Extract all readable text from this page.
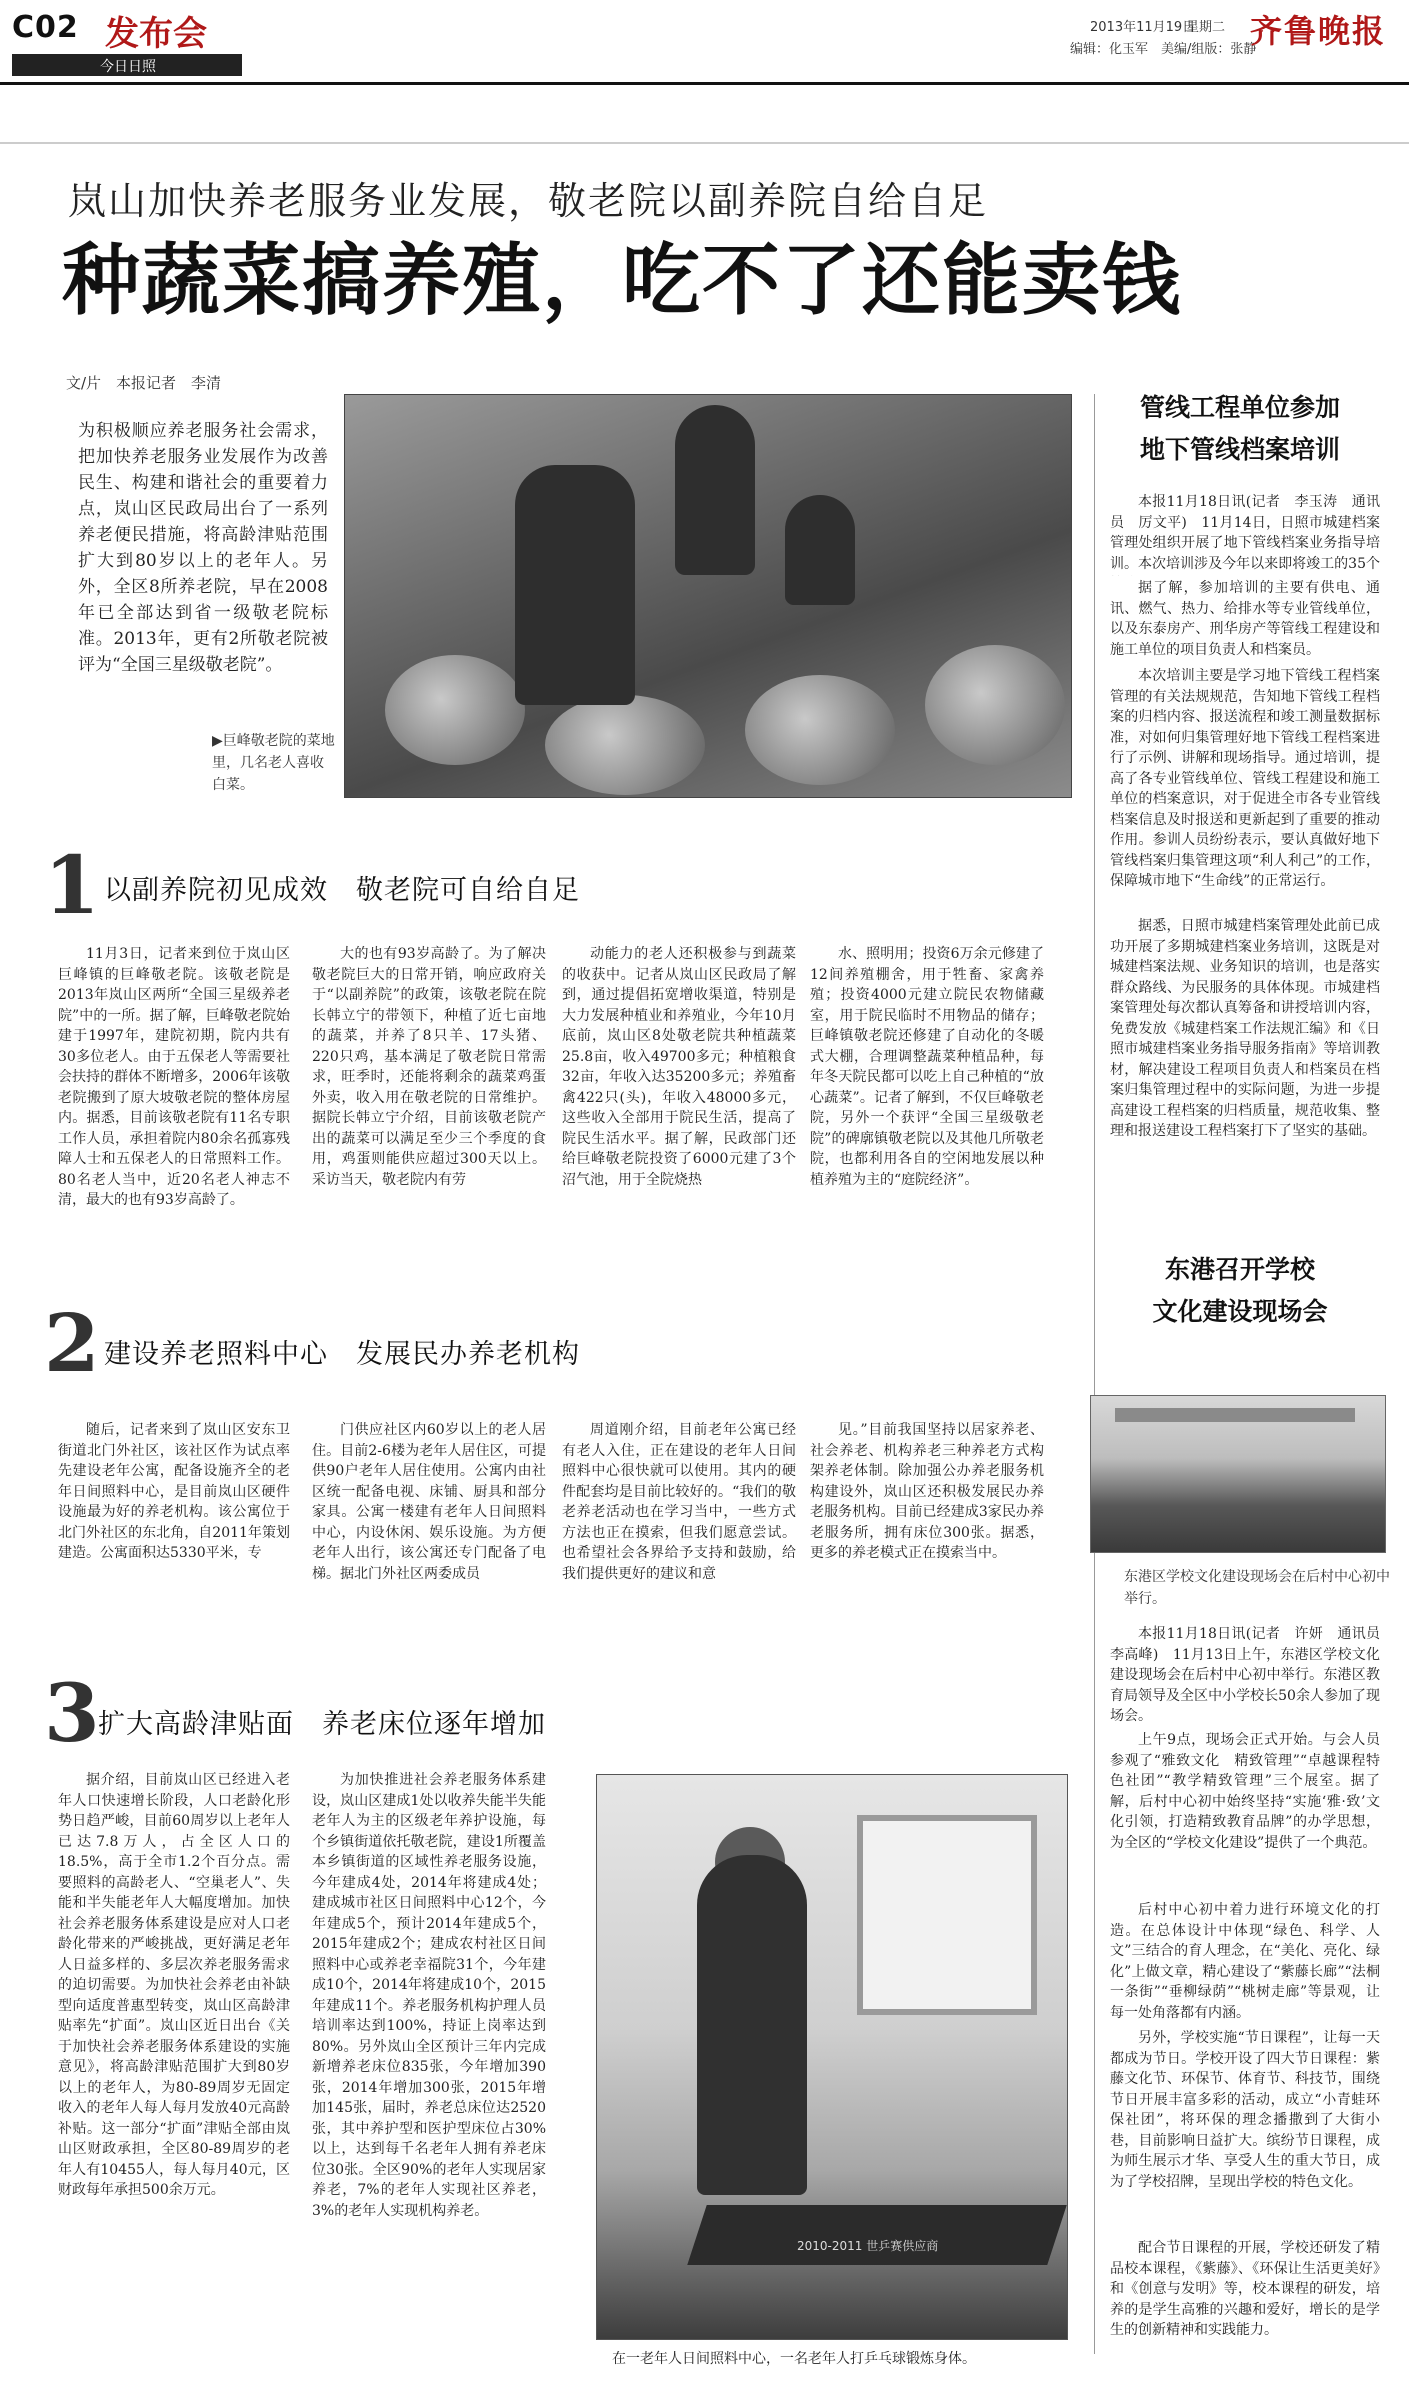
C02 发布会
今日日照
2013年11月19日
星期二
编辑：化玉军　美编/组版：张静
齐鲁晚报
岚山加快养老服务业发展，敬老院以副养院自给自足
种蔬菜搞养殖，吃不了还能卖钱
文/片　本报记者　李清
为积极顺应养老服务社会需求，把加快养老服务业发展作为改善民生、构建和谐社会的重要着力点，岚山区民政局出台了一系列养老便民措施，将高龄津贴范围扩大到80岁以上的老年人。另外，全区8所养老院，早在2008年已全部达到省一级敬老院标准。2013年，更有2所敬老院被评为“全国三星级敬老院”。
▶巨峰敬老院的菜地里，几名老人喜收白菜。
1 以副养院初见成效　敬老院可自给自足
11月3日，记者来到位于岚山区巨峰镇的巨峰敬老院。该敬老院是2013年岚山区两所“全国三星级养老院”中的一所。据了解，巨峰敬老院始建于1997年，建院初期，院内共有30多位老人。由于五保老人等需要社会扶持的群体不断增多，2006年该敬老院搬到了原大坡敬老院的整体房屋内。据悉，目前该敬老院有11名专职工作人员，承担着院内80余名孤寡残障人士和五保老人的日常照料工作。80名老人当中，近20名老人神志不清，最大的也有93岁高龄了。
大的也有93岁高龄了。为了解决敬老院巨大的日常开销，响应政府关于“以副养院”的政策，该敬老院在院长韩立宁的带领下，种植了近七亩地的蔬菜，并养了8只羊、17头猪、220只鸡，基本满足了敬老院日常需求，旺季时，还能将剩余的蔬菜鸡蛋外卖，收入用在敬老院的日常维护。据院长韩立宁介绍，目前该敬老院产出的蔬菜可以满足至少三个季度的食用，鸡蛋则能供应超过300天以上。采访当天，敬老院内有劳
动能力的老人还积极参与到蔬菜的收获中。记者从岚山区民政局了解到，通过提倡拓宽增收渠道，特别是大力发展种植业和养殖业，今年10月底前，岚山区8处敬老院共种植蔬菜25.8亩，收入49700多元；种植粮食32亩，年收入达35200多元；养殖畜禽422只(头)，年收入48000多元，这些收入全部用于院民生活，提高了院民生活水平。据了解，民政部门还给巨峰敬老院投资了6000元建了3个沼气池，用于全院烧热
水、照明用；投资6万余元修建了12间养殖棚舍，用于牲畜、家禽养殖；投资4000元建立院民农物储藏室，用于院民临时不用物品的储存；巨峰镇敬老院还修建了自动化的冬暖式大棚，合理调整蔬菜种植品种，每年冬天院民都可以吃上自己种植的“放心蔬菜”。记者了解到，不仅巨峰敬老院，另外一个获评“全国三星级敬老院”的碑廓镇敬老院以及其他几所敬老院，也都利用各自的空闲地发展以种植养殖为主的“庭院经济”。
2 建设养老照料中心　发展民办养老机构
随后，记者来到了岚山区安东卫街道北门外社区，该社区作为试点率先建设老年公寓，配备设施齐全的老年日间照料中心，是目前岚山区硬件设施最为好的养老机构。该公寓位于北门外社区的东北角，自2011年策划建造。公寓面积达5330平米，专
门供应社区内60岁以上的老人居住。目前2-6楼为老年人居住区，可提供90户老年人居住使用。公寓内由社区统一配备电视、床铺、厨具和部分家具。公寓一楼建有老年人日间照料中心，内设休闲、娱乐设施。为方便老年人出行，该公寓还专门配备了电梯。据北门外社区两委成员
周道刚介绍，目前老年公寓已经有老人入住，正在建设的老年人日间照料中心很快就可以使用。其内的硬件配套均是目前比较好的。“我们的敬老养老活动也在学习当中，一些方式方法也正在摸索，但我们愿意尝试。也希望社会各界给予支持和鼓励，给我们提供更好的建议和意
见。”目前我国坚持以居家养老、社会养老、机构养老三种养老方式构架养老体制。除加强公办养老服务机构建设外，岚山区还积极发展民办养老服务机构。目前已经建成3家民办养老服务所，拥有床位300张。据悉，更多的养老模式正在摸索当中。
3
扩大高龄津贴面　养老床位逐年增加
据介绍，目前岚山区已经进入老年人口快速增长阶段，人口老龄化形势日趋严峻，目前60周岁以上老年人已达7.8万人，占全区人口的18.5%，高于全市1.2个百分点。需要照料的高龄老人、“空巢老人”、失能和半失能老年人大幅度增加。加快社会养老服务体系建设是应对人口老龄化带来的严峻挑战，更好满足老年人日益多样的、多层次养老服务需求的迫切需要。为加快社会养老由补缺型向适度普惠型转变，岚山区高龄津贴率先“扩面”。岚山区近日出台《关于加快社会养老服务体系建设的实施意见》，将高龄津贴范围扩大到80岁以上的老年人，为80-89周岁无固定收入的老年人每人每月发放40元高龄补贴。这一部分“扩面”津贴全部由岚山区财政承担，全区80-89周岁的老年人有10455人，每人每月40元，区财政每年承担500余万元。
为加快推进社会养老服务体系建设，岚山区建成1处以收养失能半失能老年人为主的区级老年养护设施，每个乡镇街道依托敬老院，建设1所覆盖本乡镇街道的区域性养老服务设施，今年建成4处，2014年将建成4处；建成城市社区日间照料中心12个，今年建成5个，预计2014年建成5个，2015年建成2个；建成农村社区日间照料中心或养老幸福院31个，今年建成10个，2014年将建成10个，2015年建成11个。养老服务机构护理人员培训率达到100%，持证上岗率达到80%。另外岚山全区预计三年内完成新增养老床位835张，今年增加390张，2014年增加300张，2015年增加145张，届时，养老总床位达2520张，其中养护型和医护型床位占30%以上，达到每千名老年人拥有养老床位30张。全区90%的老年人实现居家养老，7%的老年人实现社区养老，3%的老年人实现机构养老。
2010-2011 世乒赛供应商
在一老年人日间照料中心，一名老年人打乒乓球锻炼身体。
管线工程单位参加
地下管线档案培训
本报11月18日讯(记者　李玉涛　通讯员　厉文平)　11月14日，日照市城建档案管理处组织开展了地下管线档案业务指导培训。本次培训涉及今年以来即将竣工的35个
据了解，参加培训的主要有供电、通讯、燃气、热力、给排水等专业管线单位，以及东泰房产、刑华房产等管线工程建设和施工单位的项目负责人和档案员。
本次培训主要是学习地下管线工程档案管理的有关法规规范，告知地下管线工程档案的归档内容、报送流程和竣工测量数据标准，对如何归集管理好地下管线工程档案进行了示例、讲解和现场指导。通过培训，提高了各专业管线单位、管线工程建设和施工单位的档案意识，对于促进全市各专业管线档案信息及时报送和更新起到了重要的推动作用。参训人员纷纷表示，要认真做好地下管线档案归集管理这项“利人利己”的工作，保障城市地下“生命线”的正常运行。
据悉，日照市城建档案管理处此前已成功开展了多期城建档案业务培训，这既是对城建档案法规、业务知识的培训，也是落实群众路线、为民服务的具体体现。市城建档案管理处每次都认真筹备和讲授培训内容，免费发放《城建档案工作法规汇编》和《日照市城建档案业务指导服务指南》等培训教材，解决建设工程项目负责人和档案员在档案归集管理过程中的实际问题，为进一步提高建设工程档案的归档质量，规范收集、整理和报送建设工程档案打下了坚实的基础。
东港召开学校
文化建设现场会
东港区学校文化建设现场会在后村中心初中举行。
本报11月18日讯(记者　许妍　通讯员　李高峰)　11月13日上午，东港区学校文化建设现场会在后村中心初中举行。东港区教育局领导及全区中小学校长50余人参加了现场会。
上午9点，现场会正式开始。与会人员参观了“雅致文化　精致管理”“卓越课程特色社团”“教学精致管理”三个展室。据了解，后村中心初中始终坚持“实施‘雅·致’文化引领，打造精致教育品牌”的办学思想，为全区的“学校文化建设”提供了一个典范。
后村中心初中着力进行环境文化的打造。在总体设计中体现“绿色、科学、人文”三结合的育人理念，在“美化、亮化、绿化”上做文章，精心建设了“紫藤长廊”“法桐一条街”“垂柳绿荫”“桃树走廊”等景观，让每一处角落都有内涵。
另外，学校实施“节日课程”，让每一天都成为节日。学校开设了四大节日课程：紫藤文化节、环保节、体育节、科技节，围绕节日开展丰富多彩的活动，成立“小青蛙环保社团”，将环保的理念播撒到了大街小巷，目前影响日益扩大。缤纷节日课程，成为师生展示才华、享受人生的重大节日，成为了学校招牌，呈现出学校的特色文化。
配合节日课程的开展，学校还研发了精品校本课程，《紫藤》、《环保让生活更美好》和《创意与发明》等，校本课程的研发，培养的是学生高雅的兴趣和爱好，增长的是学生的创新精神和实践能力。
